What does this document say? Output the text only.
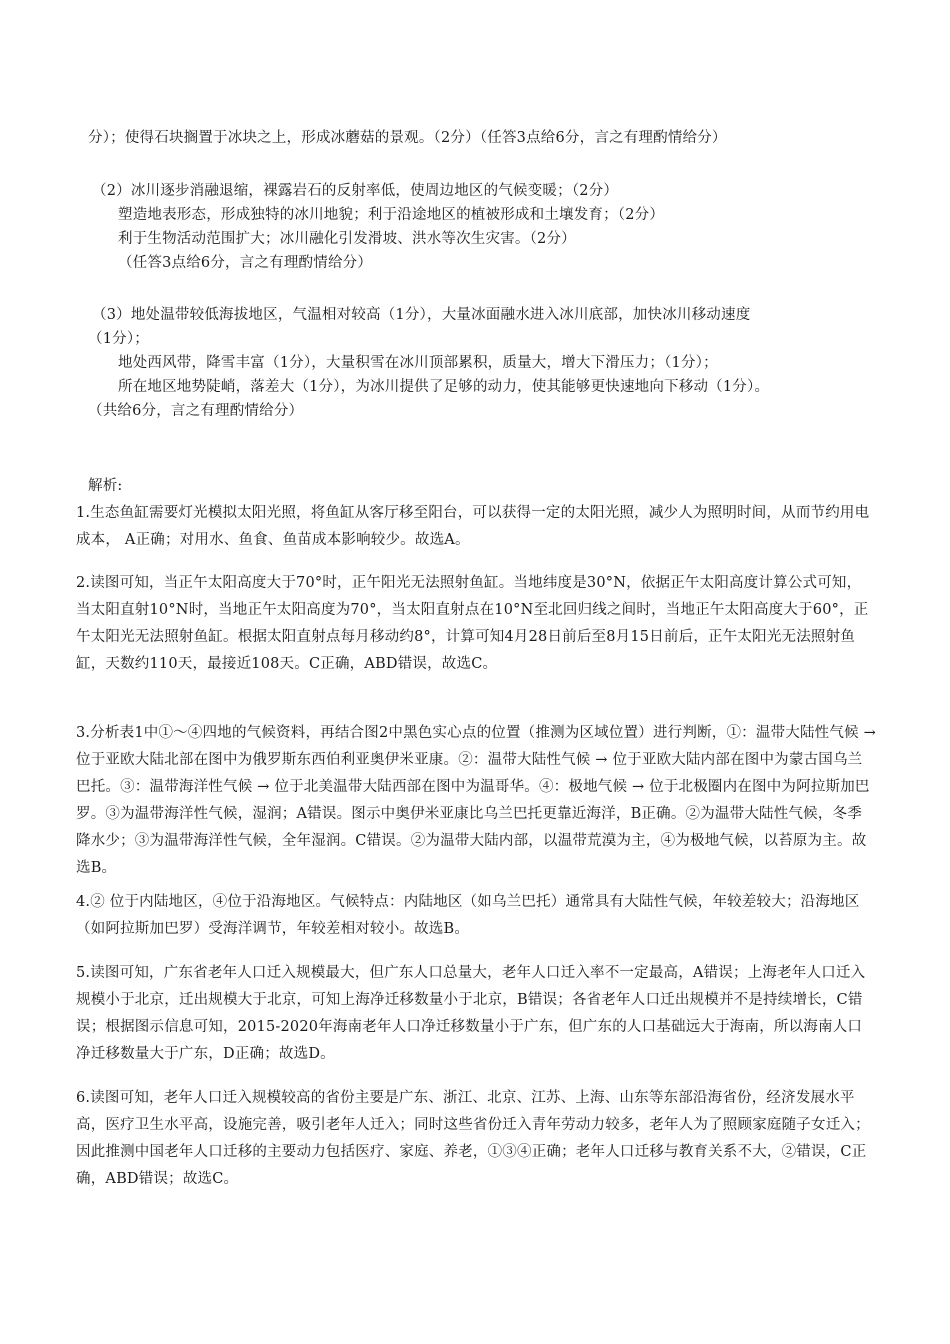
分）；使得石块搁置于冰块之上，形成冰蘑菇的景观。（2分）（任答3点给6分，言之有理酌情给分）
（2）冰川逐步消融退缩，裸露岩石的反射率低，使周边地区的气候变暖；（2分）
塑造地表形态，形成独特的冰川地貌；利于沿途地区的植被形成和土壤发育；（2分）
利于生物活动范围扩大；冰川融化引发滑坡、洪水等次生灾害。（2分）
（任答3点给6分，言之有理酌情给分）
（3）地处温带较低海拔地区，气温相对较高（1分），大量冰面融水进入冰川底部，加快冰川移动速度
（1分）；
地处西风带，降雪丰富（1分），大量积雪在冰川顶部累积，质量大，增大下滑压力；（1分）；
所在地区地势陡峭，落差大（1分），为冰川提供了足够的动力，使其能够更快速地向下移动（1分）。
（共给6分，言之有理酌情给分）
解析:

1.生态鱼缸需要灯光模拟太阳光照，将鱼缸从客厅移至阳台，可以获得一定的太阳光照，减少人为照明时间，从而节约用电成本， A正确；对用水、鱼食、鱼苗成本影响较少。故选A。

2.读图可知，当正午太阳高度大于70°时，正午阳光无法照射鱼缸。当地纬度是30°N，依据正午太阳高度计算公式可知，当太阳直射10°N时，当地正午太阳高度为70°，当太阳直射点在10°N至北回归线之间时，当地正午太阳高度大于60°，正午太阳光无法照射鱼缸。根据太阳直射点每月移动约8°，计算可知4月28日前后至8月15日前后，正午太阳光无法照射鱼缸，天数约110天，最接近108天。C正确，ABD错误，故选C。

3.分析表1中①～④四地的气候资料，再结合图2中黑色实心点的位置（推测为区域位置）进行判断，①：温带大陆性气候 → 位于亚欧大陆北部在图中为俄罗斯东西伯利亚奥伊米亚康。②：温带大陆性气候 → 位于亚欧大陆内部在图中为蒙古国乌兰巴托。③：温带海洋性气候 → 位于北美温带大陆西部在图中为温哥华。④：极地气候 → 位于北极圈内在图中为阿拉斯加巴罗。③为温带海洋性气候，湿润；A错误。图示中奥伊米亚康比乌兰巴托更靠近海洋，B正确。②为温带大陆性气候，冬季降水少；③为温带海洋性气候，全年湿润。C错误。②为温带大陆内部，以温带荒漠为主，④为极地气候，以苔原为主。故选B。

4.② 位于内陆地区，④位于沿海地区。气候特点：内陆地区（如乌兰巴托）通常具有大陆性气候，年较差较大；沿海地区（如阿拉斯加巴罗）受海洋调节，年较差相对较小。故选B。

5.读图可知，广东省老年人口迁入规模最大，但广东人口总量大，老年人口迁入率不一定最高，A错误；上海老年人口迁入规模小于北京，迁出规模大于北京，可知上海净迁移数量小于北京，B错误；各省老年人口迁出规模并不是持续增长，C错误；根据图示信息可知，2015-2020年海南老年人口净迁移数量小于广东，但广东的人口基础远大于海南，所以海南人口净迁移数量大于广东，D正确；故选D。

6.读图可知，老年人口迁入规模较高的省份主要是广东、浙江、北京、江苏、上海、山东等东部沿海省份，经济发展水平高，医疗卫生水平高，设施完善，吸引老年人迁入；同时这些省份迁入青年劳动力较多，老年人为了照顾家庭随子女迁入；因此推测中国老年人口迁移的主要动力包括医疗、家庭、养老，①③④正确；老年人口迁移与教育关系不大，②错误，C正确，ABD错误；故选C。
